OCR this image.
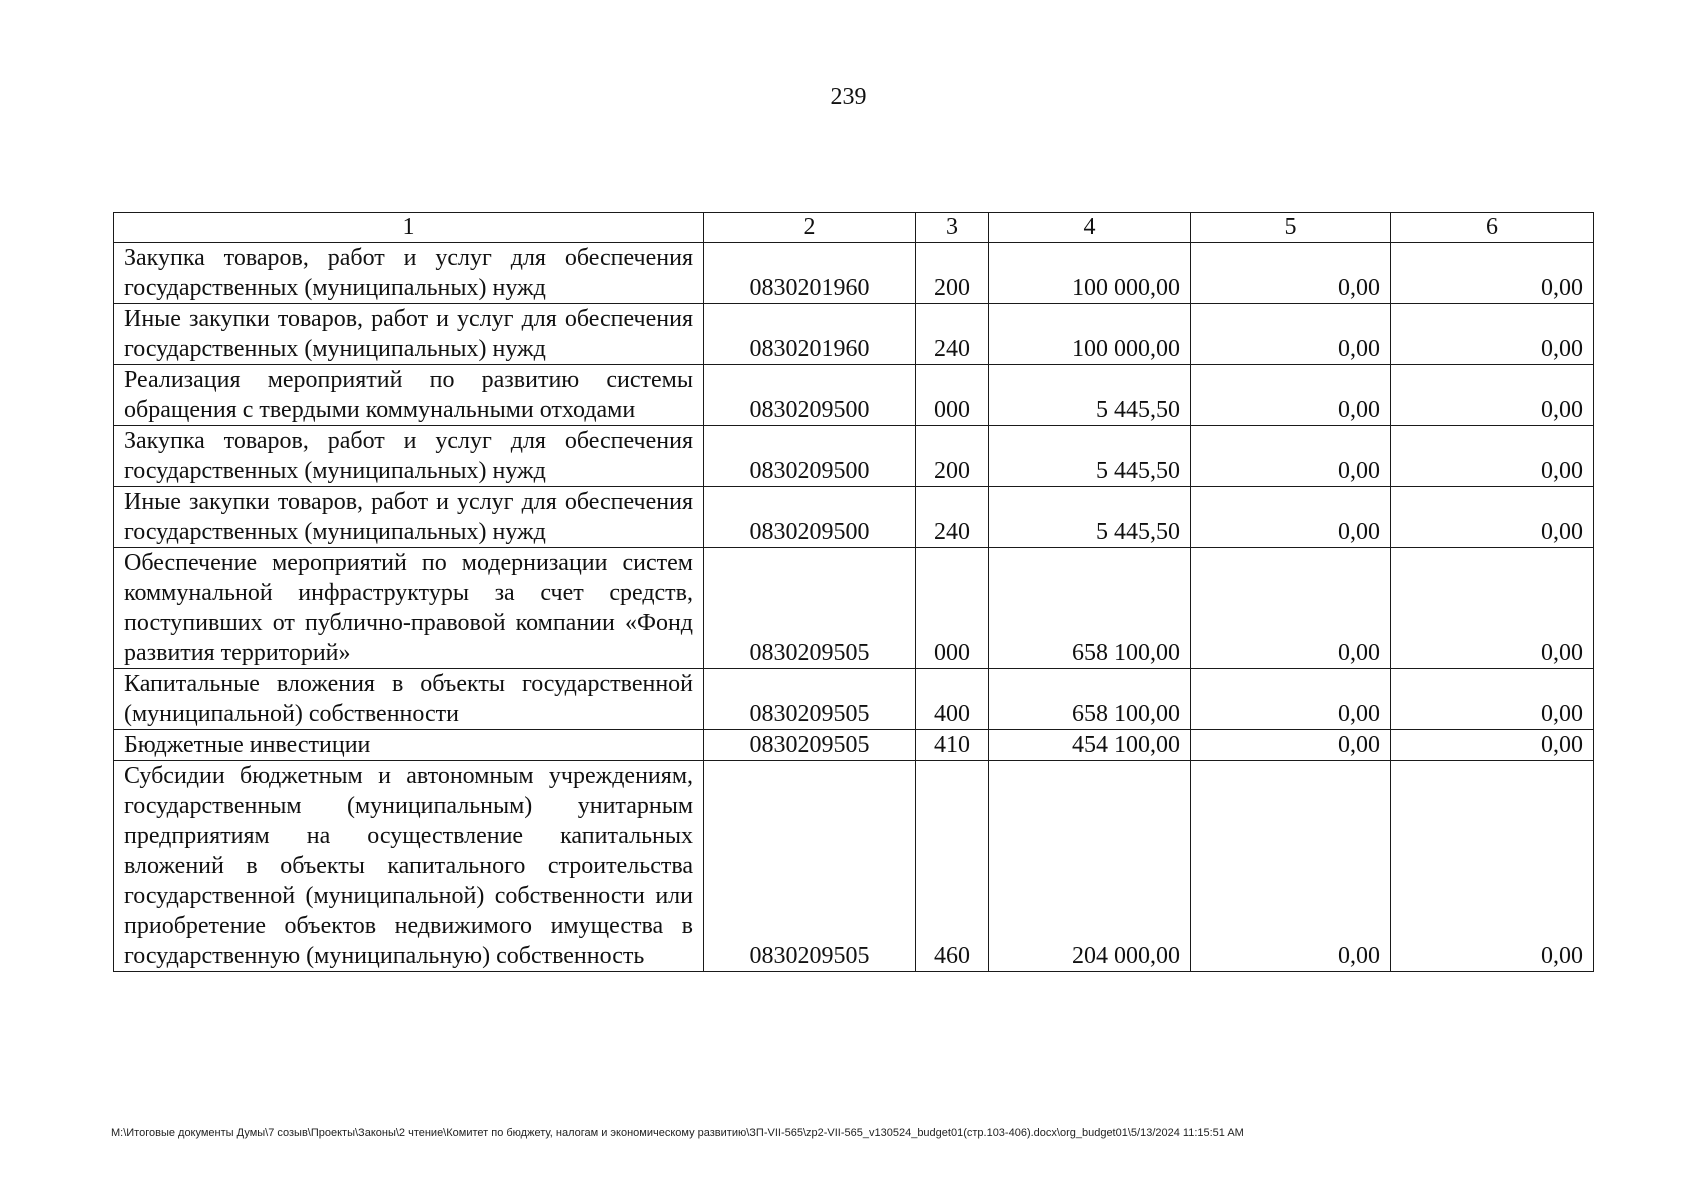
239
1	2	3	4	5	6
Закупка товаров, работ и услуг для обеспечения государственных (муниципальных) нужд	0830201960	200	100 000,00	0,00	0,00
Иные закупки товаров, работ и услуг для обеспечения государственных (муниципальных) нужд	0830201960	240	100 000,00	0,00	0,00
Реализация мероприятий по развитию системы обращения с твердыми коммунальными отходами	0830209500	000	5 445,50	0,00	0,00
Закупка товаров, работ и услуг для обеспечения государственных (муниципальных) нужд	0830209500	200	5 445,50	0,00	0,00
Иные закупки товаров, работ и услуг для обеспечения государственных (муниципальных) нужд	0830209500	240	5 445,50	0,00	0,00
Обеспечение мероприятий по модернизации систем коммунальной инфраструктуры за счет средств, поступивших от публично-правовой компании «Фонд развития территорий»	0830209505	000	658 100,00	0,00	0,00
Капитальные вложения в объекты государственной (муниципальной) собственности	0830209505	400	658 100,00	0,00	0,00
Бюджетные инвестиции	0830209505	410	454 100,00	0,00	0,00
Субсидии бюджетным и автономным учреждениям, государственным (муниципальным) унитарным предприятиям на осуществление капитальных вложений в объекты капитального строительства государственной (муниципальной) собственности или приобретение объектов недвижимого имущества в государственную (муниципальную) собственность	0830209505	460	204 000,00	0,00	0,00
M:\Итоговые документы Думы\7 созыв\Проекты\Законы\2 чтение\Комитет по бюджету, налогам и экономическому развитию\ЗП-VII-565\zp2-VII-565_v130524_budget01(стр.103-406).docx\org_budget01\5/13/2024 11:15:51 AM
